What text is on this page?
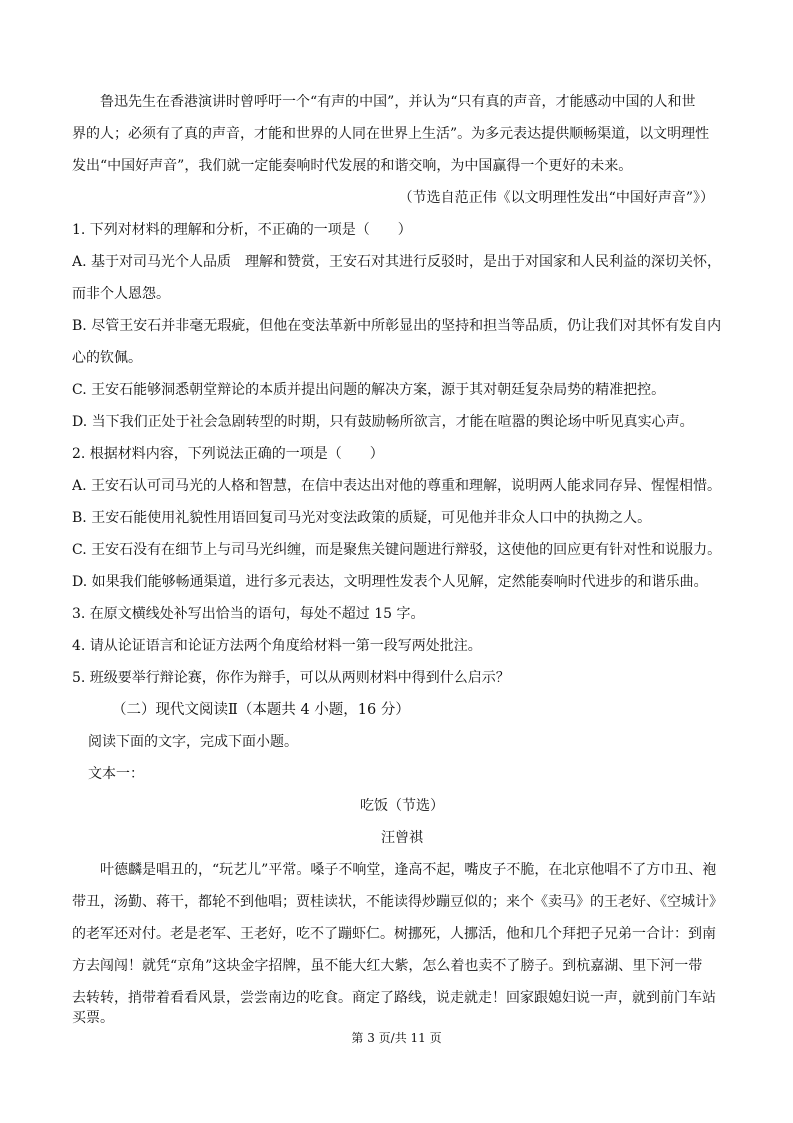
鲁迅先生在香港演讲时曾呼吁一个“有声的中国”，并认为“只有真的声音，才能感动中国的人和世
界的人；必须有了真的声音，才能和世界的人同在世界上生活”。为多元表达提供顺畅渠道，以文明理性
发出“中国好声音”，我们就一定能奏响时代发展的和谐交响，为中国赢得一个更好的未来。
（节选自范正伟《以文明理性发出“中国好声音”》）
1. 下列对材料的理解和分析，不正确的一项是（　　）
A. 基于对司马光个人品质　理解和赞赏，王安石对其进行反驳时，是出于对国家和人民利益的深切关怀，
而非个人恩怨。
B. 尽管王安石并非毫无瑕疵，但他在变法革新中所彰显出的坚持和担当等品质，仍让我们对其怀有发自内
心的钦佩。
C. 王安石能够洞悉朝堂辩论的本质并提出问题的解决方案，源于其对朝廷复杂局势的精准把控。
D. 当下我们正处于社会急剧转型的时期，只有鼓励畅所欲言，才能在喧嚣的舆论场中听见真实心声。
2. 根据材料内容，下列说法正确的一项是（　　）
A. 王安石认可司马光的人格和智慧，在信中表达出对他的尊重和理解，说明两人能求同存异、惺惺相惜。
B. 王安石能使用礼貌性用语回复司马光对变法政策的质疑，可见他并非众人口中的执拗之人。
C. 王安石没有在细节上与司马光纠缠，而是聚焦关键问题进行辩驳，这使他的回应更有针对性和说服力。
D. 如果我们能够畅通渠道，进行多元表达，文明理性发表个人见解，定然能奏响时代进步的和谐乐曲。
3. 在原文横线处补写出恰当的语句，每处不超过 15 字。
4. 请从论证语言和论证方法两个角度给材料一第一段写两处批注。
5. 班级要举行辩论赛，你作为辩手，可以从两则材料中得到什么启示？
（二）现代文阅读Ⅱ（本题共 4 小题，16 分）
阅读下面的文字，完成下面小题。
文本一：
吃饭（节选）
汪曾祺
叶德麟是唱丑的，“玩艺儿”平常。嗓子不响堂，逢高不起，嘴皮子不脆，在北京他唱不了方巾丑、袍
带丑，汤勤、蒋干，都轮不到他唱；贾桂读状，不能读得炒蹦豆似的；来个《卖马》的王老好、《空城计》
的老军还对付。老是老军、王老好，吃不了蹦虾仁。树挪死，人挪活，他和几个拜把子兄弟一合计：到南
方去闯闯！就凭“京角”这块金字招牌，虽不能大红大紫，怎么着也卖不了膀子。到杭嘉湖、里下河一带
去转转，捎带着看看风景，尝尝南边的吃食。商定了路线，说走就走！回家跟媳妇说一声，就到前门车站
买票。
第 3 页/共 11 页
